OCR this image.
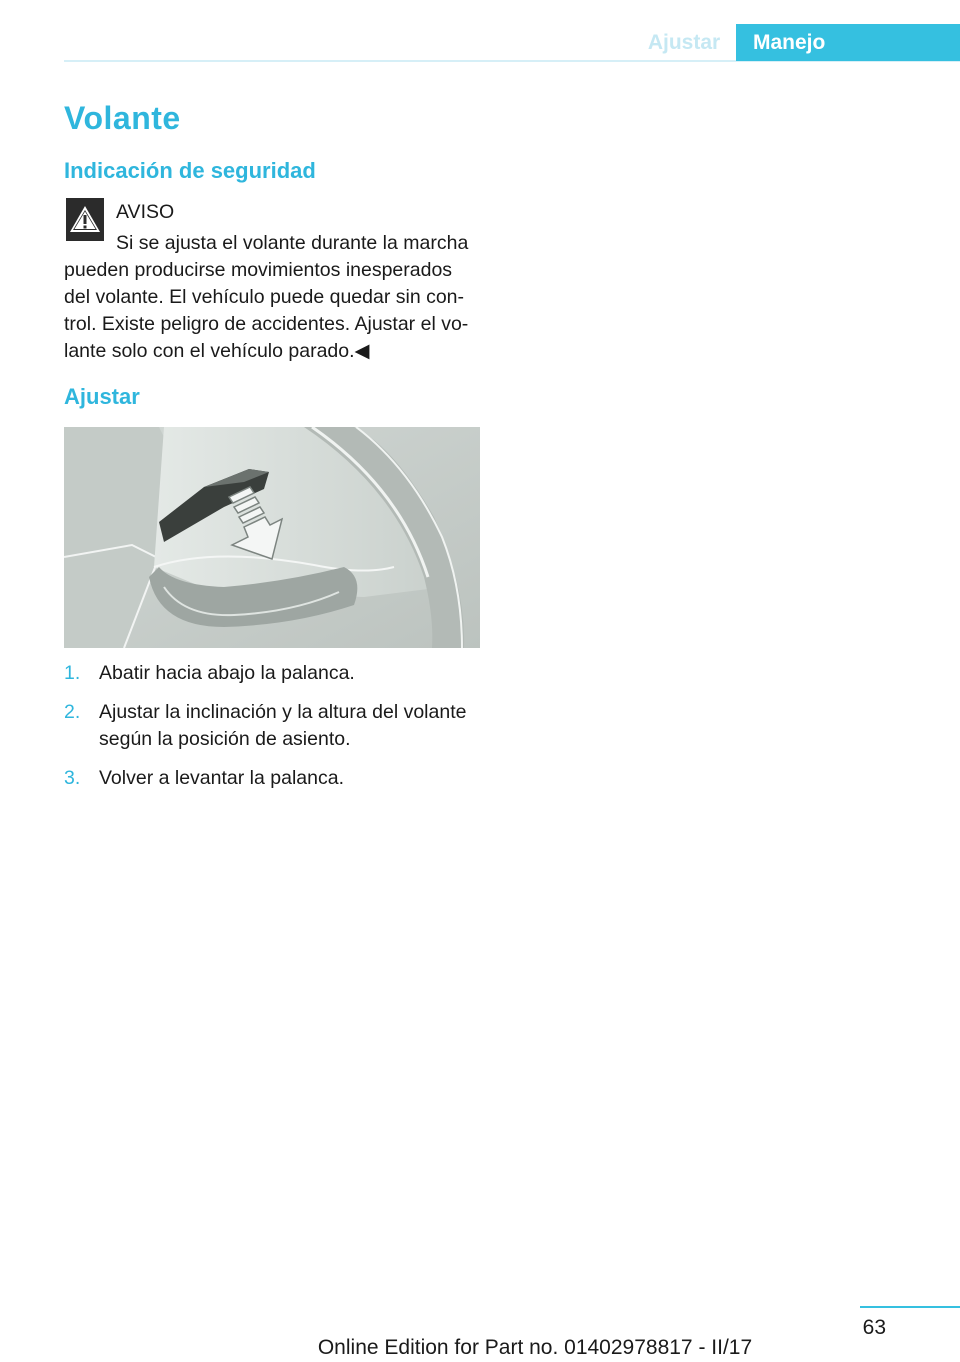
Ajustar	Manejo
Volante
Indicación de seguridad
AVISO
Si se ajusta el volante durante la marcha
pueden producirse movimientos inesperados
del volante. El vehículo puede quedar sin con-
trol. Existe peligro de accidentes. Ajustar el vo-
lante solo con el vehículo parado.◀
Ajustar
1. Abatir hacia abajo la palanca.
2. Ajustar la inclinación y la altura del volante
según la posición de asiento.
3. Volver a levantar la palanca.
63
Online Edition for Part no. 01402978817 - II/17
